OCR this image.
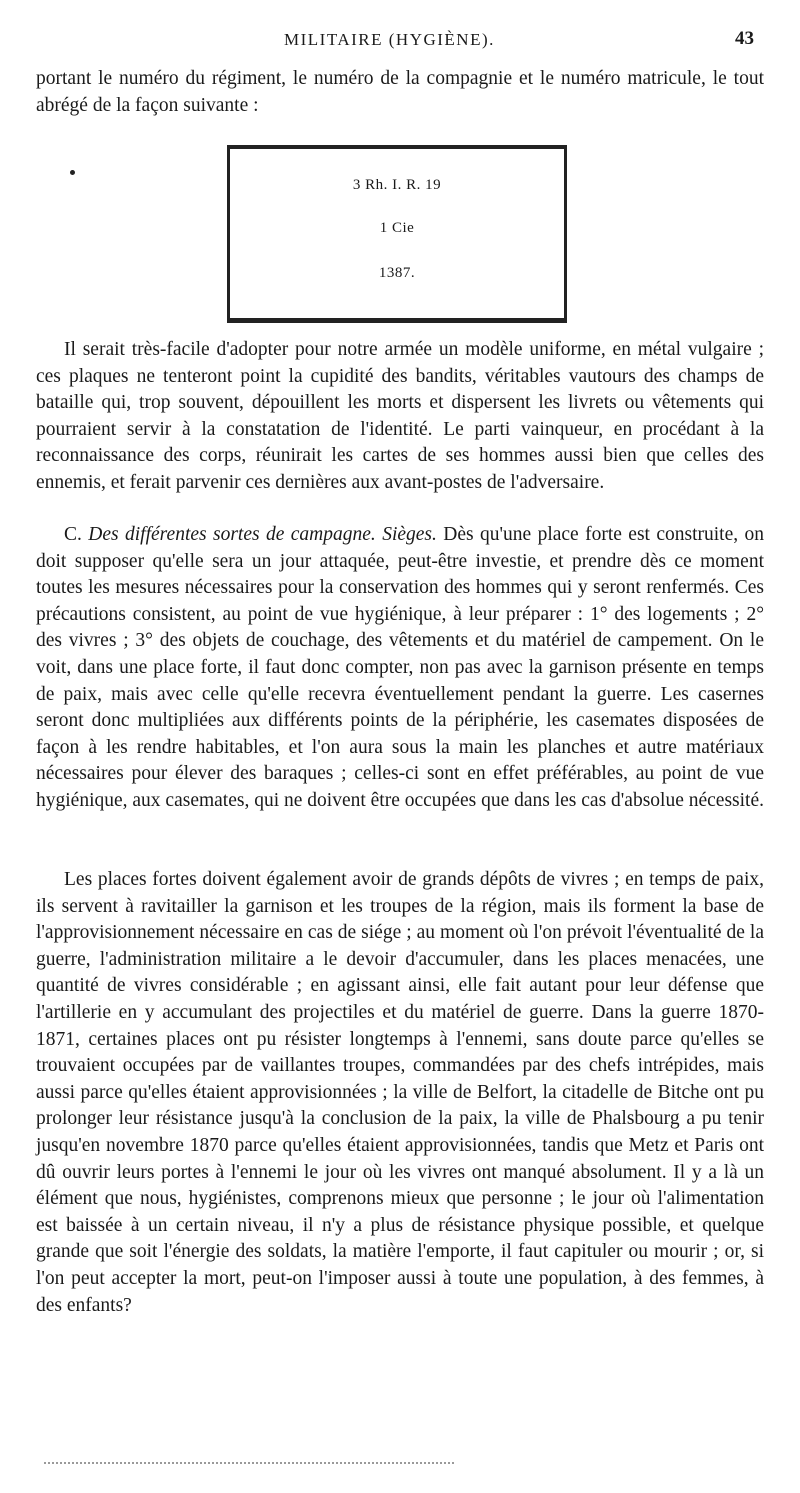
MILITAIRE (HYGIÈNE).	43

portant le numéro du régiment, le numéro de la compagnie et le numéro matricule, le tout abrégé de la façon suivante :

3 Rh. I. R. 19
1 Cie
1387.

Il serait très-facile d'adopter pour notre armée un modèle uniforme, en métal vulgaire ; ces plaques ne tenteront point la cupidité des bandits, véritables vautours des champs de bataille qui, trop souvent, dépouillent les morts et dispersent les livrets ou vêtements qui pourraient servir à la constatation de l'identité. Le parti vainqueur, en procédant à la reconnaissance des corps, réunirait les cartes de ses hommes aussi bien que celles des ennemis, et ferait parvenir ces dernières aux avant-postes de l'adversaire.

C. Des différentes sortes de campagne. Sièges. Dès qu'une place forte est construite, on doit supposer qu'elle sera un jour attaquée, peut-être investie, et prendre dès ce moment toutes les mesures nécessaires pour la conservation des hommes qui y seront renfermés. Ces précautions consistent, au point de vue hygiénique, à leur préparer : 1° des logements ; 2° des vivres ; 3° des objets de couchage, des vêtements et du matériel de campement. On le voit, dans une place forte, il faut donc compter, non pas avec la garnison présente en temps de paix, mais avec celle qu'elle recevra éventuellement pendant la guerre. Les casernes seront donc multipliées aux différents points de la périphérie, les casemates disposées de façon à les rendre habitables, et l'on aura sous la main les planches et autre matériaux nécessaires pour élever des baraques ; celles-ci sont en effet préférables, au point de vue hygiénique, aux casemates, qui ne doivent être occupées que dans les cas d'absolue nécessité.

Les places fortes doivent également avoir de grands dépôts de vivres ; en temps de paix, ils servent à ravitailler la garnison et les troupes de la région, mais ils forment la base de l'approvisionnement nécessaire en cas de siége ; au moment où l'on prévoit l'éventualité de la guerre, l'administration militaire a le devoir d'accumuler, dans les places menacées, une quantité de vivres considérable ; en agissant ainsi, elle fait autant pour leur défense que l'artillerie en y accumulant des projectiles et du matériel de guerre. Dans la guerre 1870-1871, certaines places ont pu résister longtemps à l'ennemi, sans doute parce qu'elles se trouvaient occupées par de vaillantes troupes, commandées par des chefs intrépides, mais aussi parce qu'elles étaient approvisionnées ; la ville de Belfort, la citadelle de Bitche ont pu prolonger leur résistance jusqu'à la conclusion de la paix, la ville de Phalsbourg a pu tenir jusqu'en novembre 1870 parce qu'elles étaient approvisionnées, tandis que Metz et Paris ont dû ouvrir leurs portes à l'ennemi le jour où les vivres ont manqué absolument. Il y a là un élément que nous, hygiénistes, comprenons mieux que personne ; le jour où l'alimentation est baissée à un certain niveau, il n'y a plus de résistance physique possible, et quelque grande que soit l'énergie des soldats, la matière l'emporte, il faut capituler ou mourir ; or, si l'on peut accepter la mort, peut-on l'imposer aussi à toute une population, à des femmes, à des enfants?
